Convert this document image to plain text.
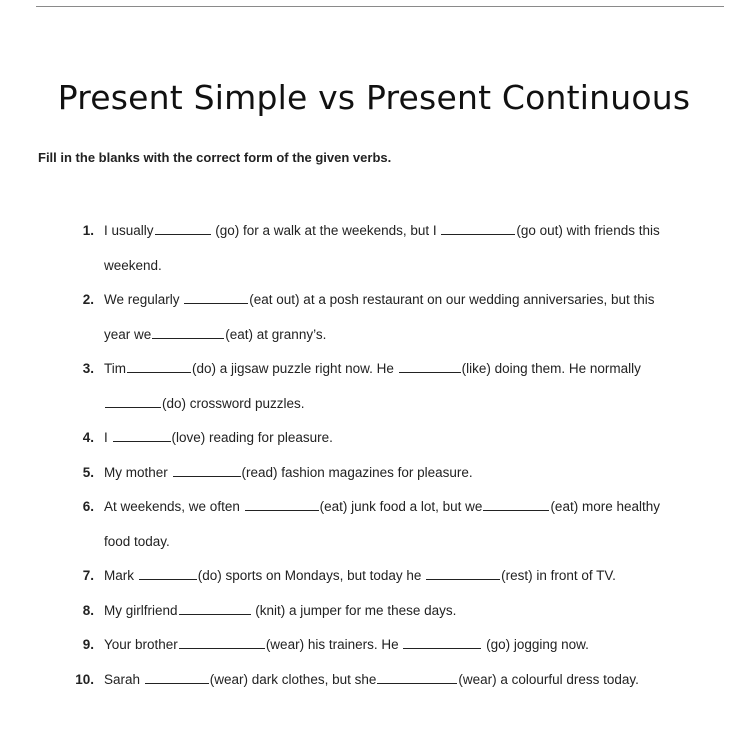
Present Simple vs Present Continuous
Fill in the blanks with the correct form of the given verbs.
1. I usually	(go) for a walk at the weekends, but I	(go out) with friends this
weekend.
2. We regularly	(eat out) at a posh restaurant on our wedding anniversaries, but this
year we	(eat) at granny’s.
3. Tim	(do) a jigsaw puzzle right now. He	(like) doing them. He normally
(do) crossword puzzles.
4. I	(love) reading for pleasure.
5. My mother	(read) fashion magazines for pleasure.
6. At weekends, we often	(eat) junk food a lot, but we	(eat) more healthy
food today.
7. Mark	(do) sports on Mondays, but today he	(rest) in front of TV.
8. My girlfriend	(knit) a jumper for me these days.
9. Your brother	(wear) his trainers. He	(go) jogging now.
10. Sarah	(wear) dark clothes, but she	(wear) a colourful dress today.
